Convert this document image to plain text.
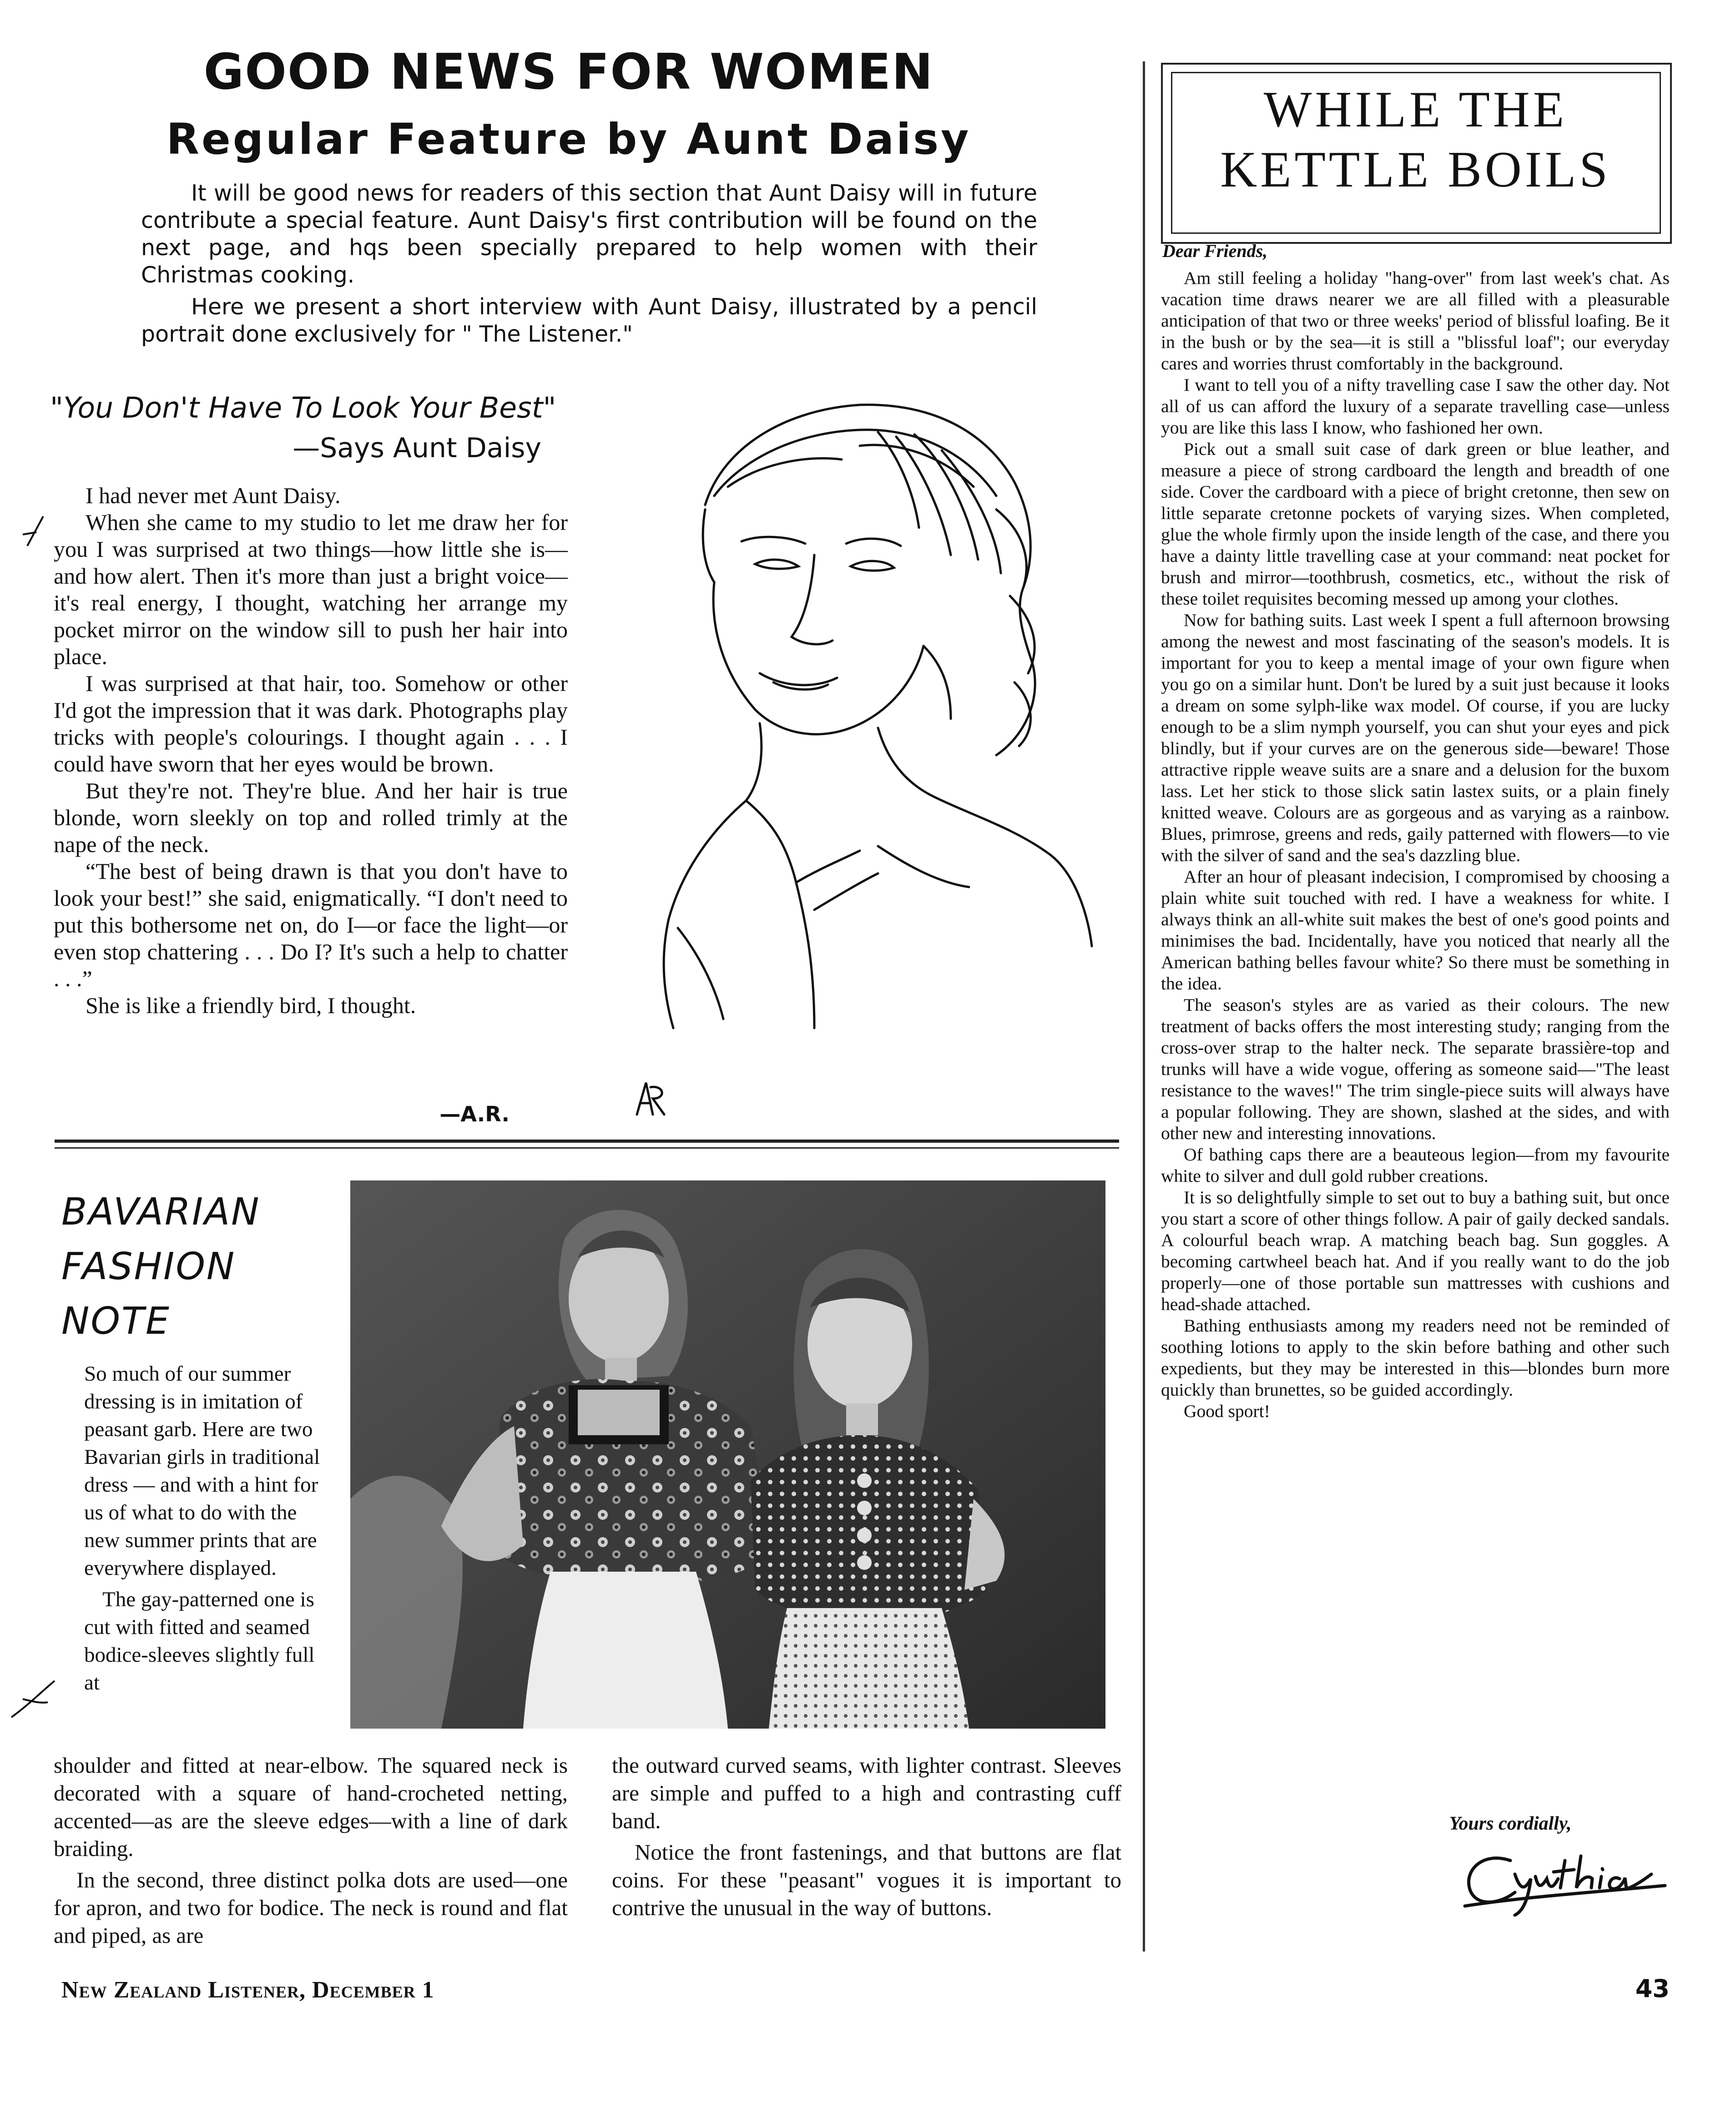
GOOD NEWS FOR WOMEN
Regular Feature by Aunt Daisy

It will be good news for readers of this section that Aunt Daisy will in future contribute a special feature. Aunt Daisy's first contribution will be found on the next page, and hqs been specially prepared to help women with their Christmas cooking.

Here we present a short interview with Aunt Daisy, illustrated by a pencil portrait done exclusively for " The Listener."

"You Don't Have To Look Your Best"
—Says Aunt Daisy

I had never met Aunt Daisy.

When she came to my studio to let me draw her for you I was surprised at two things—how little she is—and how alert. Then it's more than just a bright voice—it's real energy, I thought, watching her arrange my pocket mirror on the window sill to push her hair into place.

I was surprised at that hair, too. Somehow or other I'd got the impression that it was dark. Photographs play tricks with people's colourings. I thought again . . . I could have sworn that her eyes would be brown.

But they're not. They're blue. And her hair is true blonde, worn sleekly on top and rolled trimly at the nape of the neck.

“The best of being drawn is that you don't have to look your best!” she said, enigmatically. “I don't need to put this bothersome net on, do I—or face the light—or even stop chattering . . . Do I? It's such a help to chatter . . .”

She is like a friendly bird, I thought.

—A.R.
BAVARIAN
FASHION
NOTE

So much of our summer dressing is in imitation of peasant garb. Here are two Bavarian girls in traditional dress — and with a hint for us of what to do with the new summer prints that are everywhere displayed.

The gay-patterned one is cut with fitted and seamed bodice-sleeves slightly full at

shoulder and fitted at near-elbow. The squared neck is decorated with a square of hand-crocheted netting, accented—as are the sleeve edges—with a line of dark braiding.

In the second, three distinct polka dots are used—one for apron, and two for bodice. The neck is round and flat and piped, as are

the outward curved seams, with lighter contrast. Sleeves are simple and puffed to a high and contrasting cuff band.

Notice the front fastenings, and that buttons are flat coins. For these "peasant" vogues it is important to contrive the unusual in the way of buttons.

WHILE THE
KETTLE BOILS
Dear Friends,

Am still feeling a holiday "hang-over" from last week's chat. As vacation time draws nearer we are all filled with a pleasurable anticipation of that two or three weeks' period of blissful loafing. Be it in the bush or by the sea—it is still a "blissful loaf"; our everyday cares and worries thrust comfortably in the background.

I want to tell you of a nifty travelling case I saw the other day. Not all of us can afford the luxury of a separate travelling case—unless you are like this lass I know, who fashioned her own.

Pick out a small suit case of dark green or blue leather, and measure a piece of strong cardboard the length and breadth of one side. Cover the cardboard with a piece of bright cretonne, then sew on little separate cretonne pockets of varying sizes. When completed, glue the whole firmly upon the inside length of the case, and there you have a dainty little travelling case at your command: neat pocket for brush and mirror—toothbrush, cosmetics, etc., without the risk of these toilet requisites becoming messed up among your clothes.

Now for bathing suits. Last week I spent a full afternoon browsing among the newest and most fascinating of the season's models. It is important for you to keep a mental image of your own figure when you go on a similar hunt. Don't be lured by a suit just because it looks a dream on some sylph-like wax model. Of course, if you are lucky enough to be a slim nymph yourself, you can shut your eyes and pick blindly, but if your curves are on the generous side—beware! Those attractive ripple weave suits are a snare and a delusion for the buxom lass. Let her stick to those slick satin lastex suits, or a plain finely knitted weave. Colours are as gorgeous and as varying as a rainbow. Blues, primrose, greens and reds, gaily patterned with flowers—to vie with the silver of sand and the sea's dazzling blue.

After an hour of pleasant indecision, I compromised by choosing a plain white suit touched with red. I have a weakness for white. I always think an all-white suit makes the best of one's good points and minimises the bad. Incidentally, have you noticed that nearly all the American bathing belles favour white? So there must be something in the idea.

The season's styles are as varied as their colours. The new treatment of backs offers the most interesting study; ranging from the cross-over strap to the halter neck. The separate brassière-top and trunks will have a wide vogue, offering as someone said—"The least resistance to the waves!" The trim single-piece suits will always have a popular following. They are shown, slashed at the sides, and with other new and interesting innovations.

Of bathing caps there are a beauteous legion—from my favourite white to silver and dull gold rubber creations.

It is so delightfully simple to set out to buy a bathing suit, but once you start a score of other things follow. A pair of gaily decked sandals. A colourful beach wrap. A matching beach bag. Sun goggles. A becoming cartwheel beach hat. And if you really want to do the job properly—one of those portable sun mattresses with cushions and head-shade attached.

Bathing enthusiasts among my readers need not be reminded of soothing lotions to apply to the skin before bathing and other such expedients, but they may be interested in this—blondes burn more quickly than brunettes, so be guided accordingly.

Good sport!

Yours cordially,
New Zealand Listener, December 1	43
